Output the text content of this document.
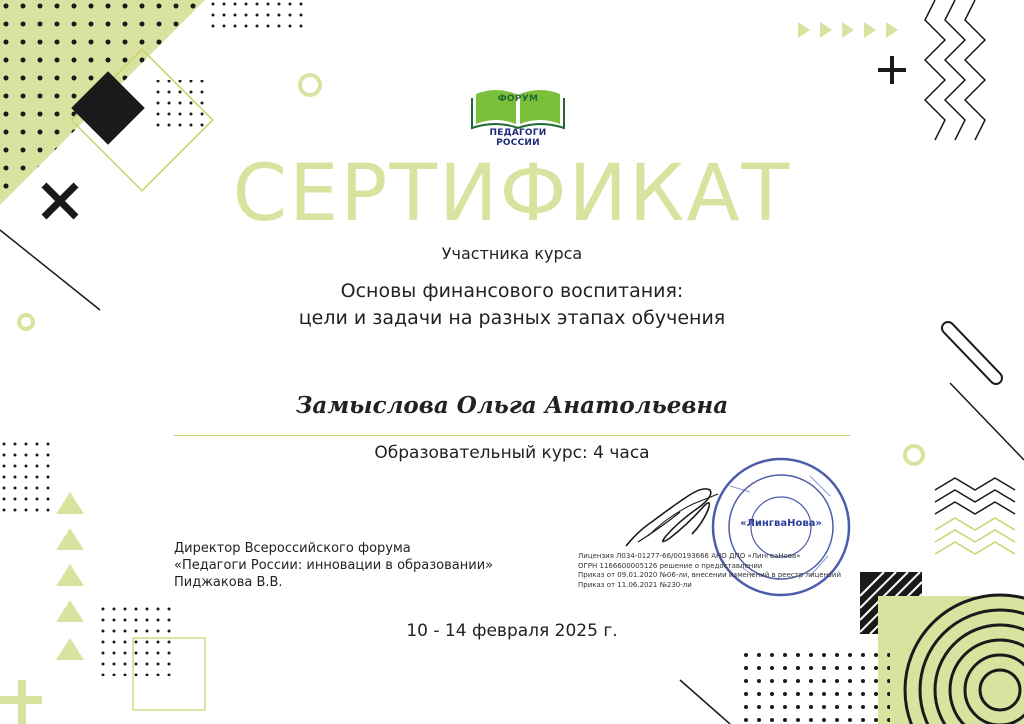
ФОРУМ
ПЕДАГОГИ РОССИИ
СЕРТИФИКАТ
Участника курса
Основы финансового воспитания:
цели и задачи на разных этапах обучения
Замыслова Ольга Анатольевна
Образовательный курс: 4 часа
Директор Всероссийского форума
«Педагоги России: инновации в образовании»
Пиджакова В.В.
«ЛингваНова»
Лицензия Л034-01277-66/00193666 АНО ДПО «ЛингваНова»
ОГРН 1166600005126 решение о предоставлении
Приказ от 09.01.2020 №06-ли, внесении изменений в реестр лицензий
Приказ от 11.06.2021 №230-ли
10 - 14 февраля 2025 г.
